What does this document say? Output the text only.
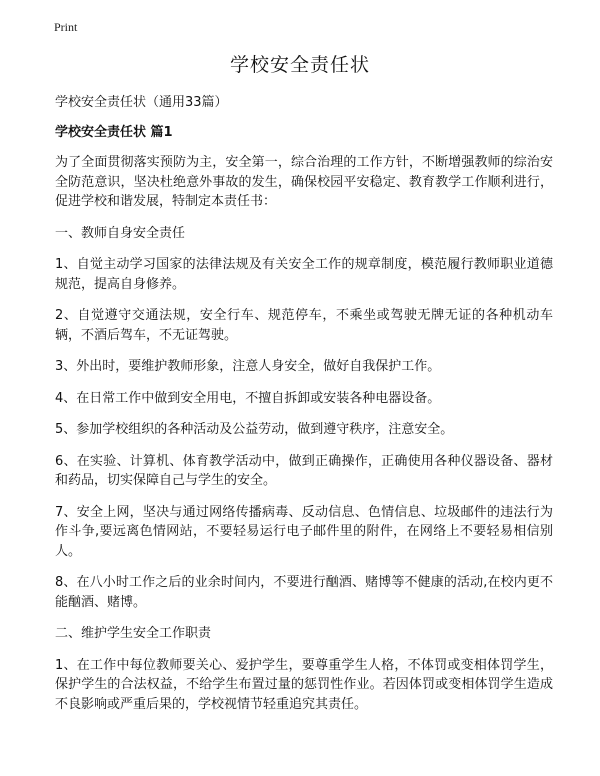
Print
学校安全责任状

学校安全责任状（通用33篇）

学校安全责任状 篇1

为了全面贯彻落实预防为主，安全第一，综合治理的工作方针，不断增强教师的综治安全防范意识，坚决杜绝意外事故的发生，确保校园平安稳定、教育教学工作顺利进行，促进学校和谐发展，特制定本责任书：

一、教师自身安全责任

1、自觉主动学习国家的法律法规及有关安全工作的规章制度，模范履行教师职业道德规范，提高自身修养。

2、自觉遵守交通法规，安全行车、规范停车，不乘坐或驾驶无牌无证的各种机动车辆，不酒后驾车，不无证驾驶。

3、外出时，要维护教师形象，注意人身安全，做好自我保护工作。

4、在日常工作中做到安全用电，不擅自拆卸或安装各种电器设备。

5、参加学校组织的各种活动及公益劳动，做到遵守秩序，注意安全。

6、在实验、计算机、体育教学活动中，做到正确操作，正确使用各种仪器设备、器材和药品，切实保障自己与学生的安全。

7、安全上网，坚决与通过网络传播病毒、反动信息、色情信息、垃圾邮件的违法行为作斗争,要远离色情网站，不要轻易运行电子邮件里的附件，在网络上不要轻易相信别人。

8、在八小时工作之后的业余时间内，不要进行酗酒、赌博等不健康的活动,在校内更不能酗酒、赌博。

二、维护学生安全工作职责

1、在工作中每位教师要关心、爱护学生，要尊重学生人格，不体罚或变相体罚学生，保护学生的合法权益，不给学生布置过量的惩罚性作业。若因体罚或变相体罚学生造成不良影响或严重后果的，学校视情节轻重追究其责任。
